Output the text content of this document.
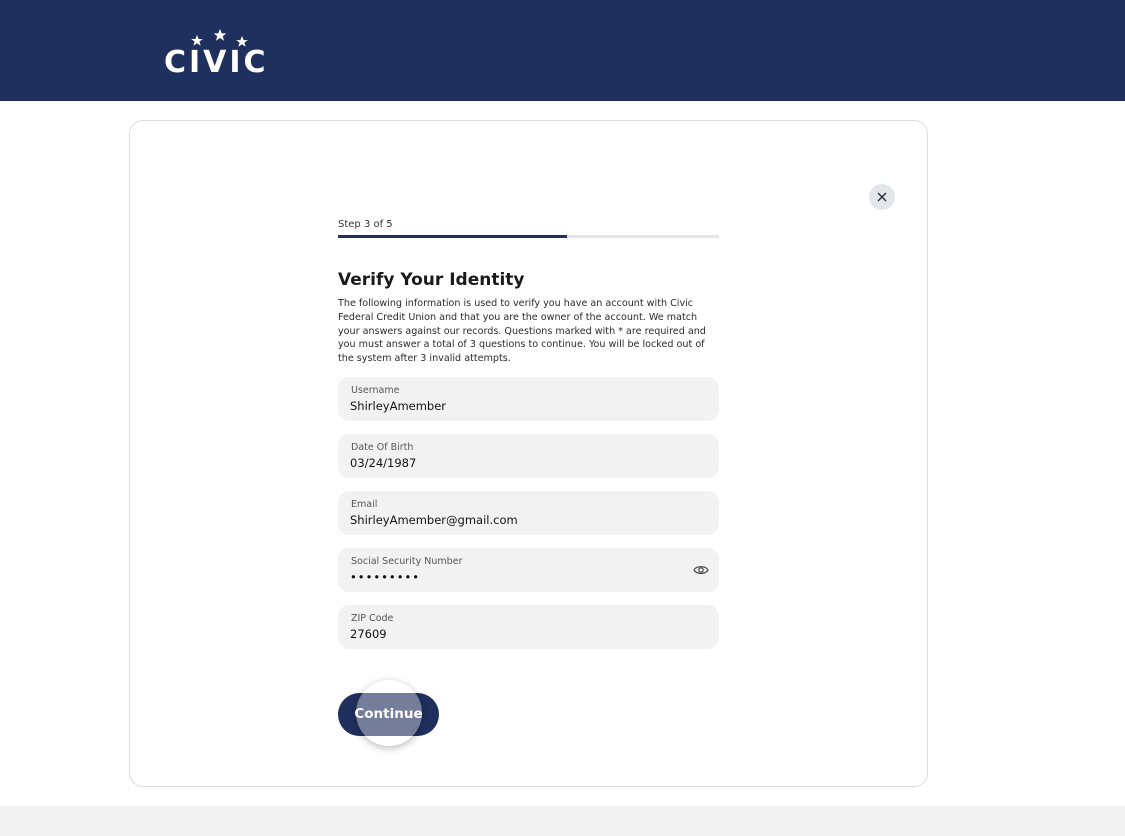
CIVIC
Step 3 of 5
Verify Your Identity
The following information is used to verify you have an account with Civic Federal Credit Union and that you are the owner of the account. We match your answers against our records. Questions marked with * are required and you must answer a total of 3 questions to continue. You will be locked out of the system after 3 invalid attempts.
Username
ShirleyAmember
Date Of Birth
03/24/1987
Email
ShirleyAmember@gmail.com
Social Security Number
•••••••••
ZIP Code
27609
Continue
